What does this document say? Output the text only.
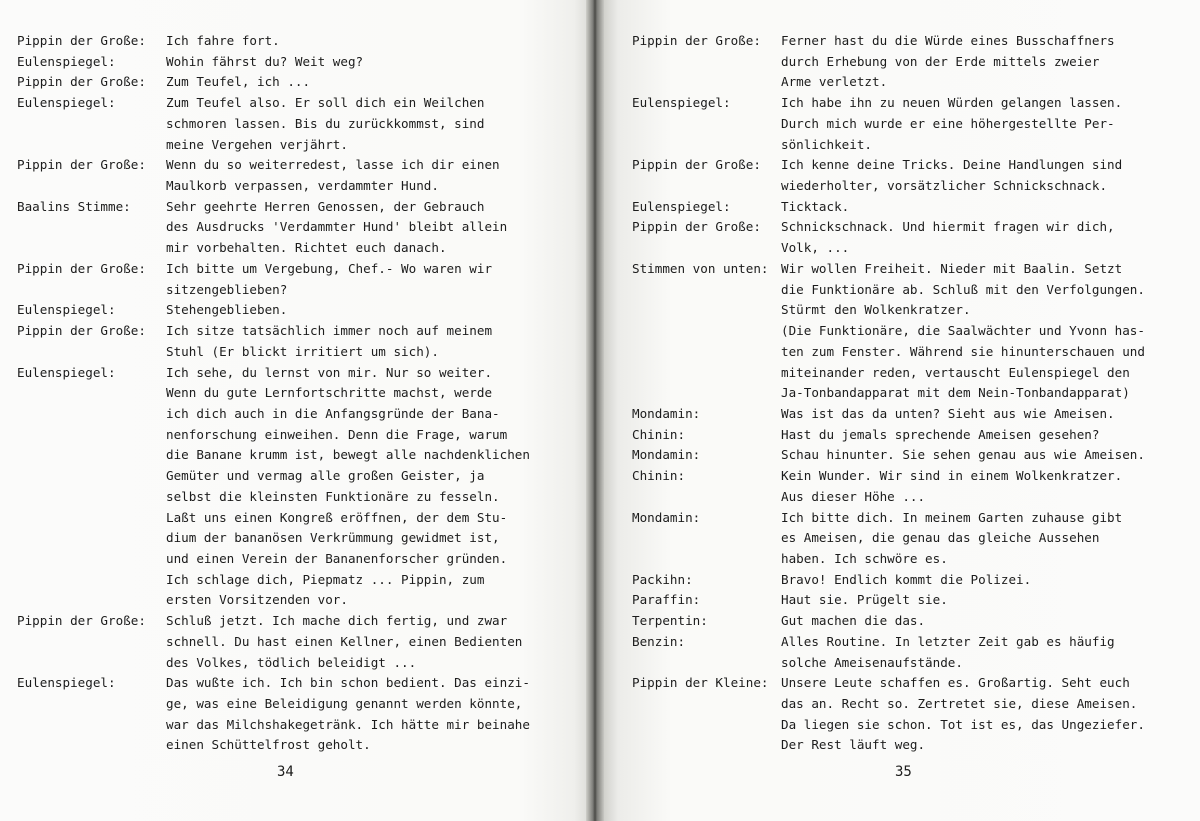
Pippin der Große: Ich fahre fort.
Eulenspiegel:	Wohin fährst du? Weit weg?
Pippin der Große: Zum Teufel, ich ...
Eulenspiegel:	Zum Teufel also. Er soll dich ein Weilchen
schmoren lassen. Bis du zurückkommst, sind
meine Vergehen verjährt.
Pippin der Große: Wenn du so weiterredest, lasse ich dir einen
Maulkorb verpassen, verdammter Hund.
Baalins Stimme:	Sehr geehrte Herren Genossen, der Gebrauch
des Ausdrucks 'Verdammter Hund' bleibt allein
mir vorbehalten. Richtet euch danach.
Pippin der Große: Ich bitte um Vergebung, Chef.- Wo waren wir
sitzengeblieben?
Eulenspiegel:	Stehengeblieben.
Pippin der Große: Ich sitze tatsächlich immer noch auf meinem
Stuhl (Er blickt irritiert um sich).
Eulenspiegel:	Ich sehe, du lernst von mir. Nur so weiter.
Wenn du gute Lernfortschritte machst, werde
ich dich auch in die Anfangsgründe der Bana-
nenforschung einweihen. Denn die Frage, warum
die Banane krumm ist, bewegt alle nachdenklichen
Gemüter und vermag alle großen Geister, ja
selbst die kleinsten Funktionäre zu fesseln.
Laßt uns einen Kongreß eröffnen, der dem Stu-
dium der bananösen Verkrümmung gewidmet ist,
und einen Verein der Bananenforscher gründen.
Ich schlage dich, Piepmatz ... Pippin, zum
ersten Vorsitzenden vor.
Pippin der Große: Schluß jetzt. Ich mache dich fertig, und zwar
schnell. Du hast einen Kellner, einen Bedienten
des Volkes, tödlich beleidigt ...
Eulenspiegel:	Das wußte ich. Ich bin schon bedient. Das einzi-
ge, was eine Beleidigung genannt werden könnte,
war das Milchshakegetränk. Ich hätte mir beinahe
einen Schüttelfrost geholt.
34
Pippin der Große: Ferner hast du die Würde eines Busschaffners
durch Erhebung von der Erde mittels zweier
Arme verletzt.
Eulenspiegel:	Ich habe ihn zu neuen Würden gelangen lassen.
Durch mich wurde er eine höhergestellte Per-
sönlichkeit.
Pippin der Große: Ich kenne deine Tricks. Deine Handlungen sind
wiederholter, vorsätzlicher Schnickschnack.
Eulenspiegel:	Ticktack.
Pippin der Große: Schnickschnack. Und hiermit fragen wir dich,
Volk, ...
Stimmen von unten: Wir wollen Freiheit. Nieder mit Baalin. Setzt
die Funktionäre ab. Schluß mit den Verfolgungen.
Stürmt den Wolkenkratzer.
(Die Funktionäre, die Saalwächter und Yvonn has-
ten zum Fenster. Während sie hinunterschauen und
miteinander reden, vertauscht Eulenspiegel den
Ja-Tonbandapparat mit dem Nein-Tonbandapparat)
Mondamin:	Was ist das da unten? Sieht aus wie Ameisen.
Chinin:	Hast du jemals sprechende Ameisen gesehen?
Mondamin:	Schau hinunter. Sie sehen genau aus wie Ameisen.
Chinin:	Kein Wunder. Wir sind in einem Wolkenkratzer.
Aus dieser Höhe ...
Mondamin:	Ich bitte dich. In meinem Garten zuhause gibt
es Ameisen, die genau das gleiche Aussehen
haben. Ich schwöre es.
Packihn:	Bravo! Endlich kommt die Polizei.
Paraffin:	Haut sie. Prügelt sie.
Terpentin:	Gut machen die das.
Benzin:	Alles Routine. In letzter Zeit gab es häufig
solche Ameisenaufstände.
Pippin der Kleine: Unsere Leute schaffen es. Großartig. Seht euch
das an. Recht so. Zertretet sie, diese Ameisen.
Da liegen sie schon. Tot ist es, das Ungeziefer.
Der Rest läuft weg.
35
